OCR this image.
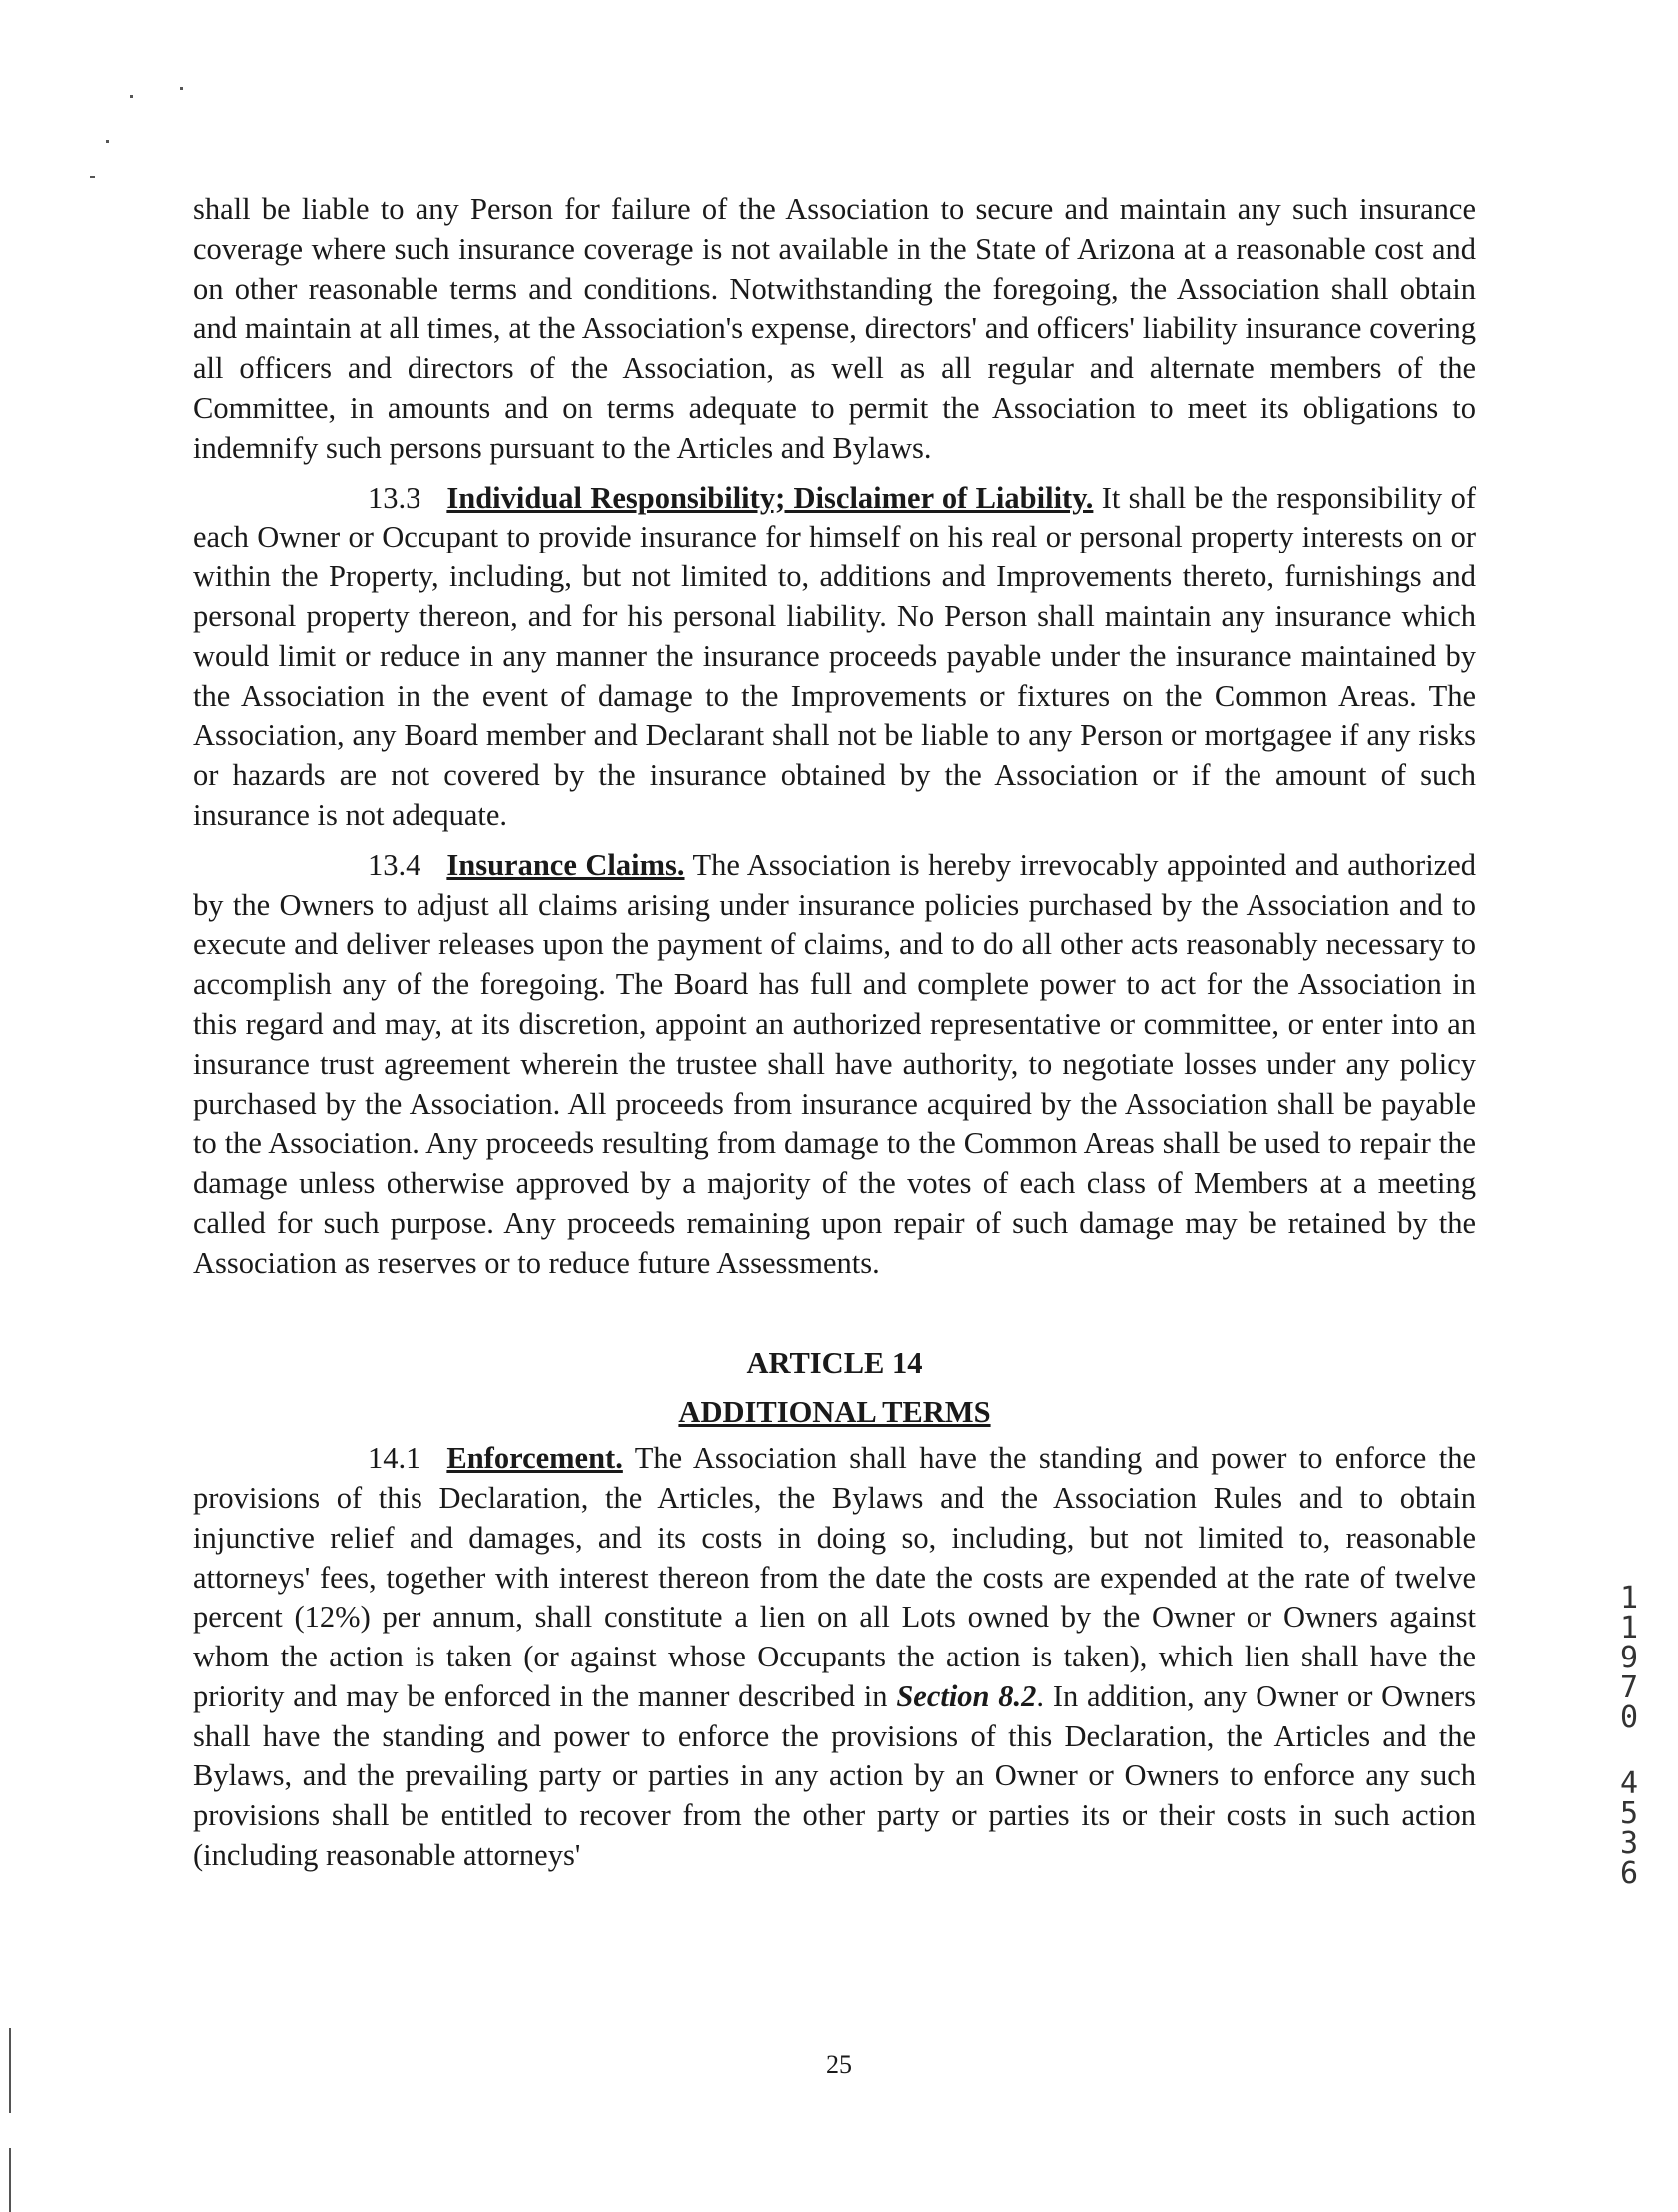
shall be liable to any Person for failure of the Association to secure and maintain any such insurance coverage where such insurance coverage is not available in the State of Arizona at a reasonable cost and on other reasonable terms and conditions. Notwithstanding the foregoing, the Association shall obtain and maintain at all times, at the Association's expense, directors' and officers' liability insurance covering all officers and directors of the Association, as well as all regular and alternate members of the Committee, in amounts and on terms adequate to permit the Association to meet its obligations to indemnify such persons pursuant to the Articles and Bylaws.

13.3 Individual Responsibility; Disclaimer of Liability. It shall be the responsibility of each Owner or Occupant to provide insurance for himself on his real or personal property interests on or within the Property, including, but not limited to, additions and Improvements thereto, furnishings and personal property thereon, and for his personal liability. No Person shall maintain any insurance which would limit or reduce in any manner the insurance proceeds payable under the insurance maintained by the Association in the event of damage to the Improvements or fixtures on the Common Areas. The Association, any Board member and Declarant shall not be liable to any Person or mortgagee if any risks or hazards are not covered by the insurance obtained by the Association or if the amount of such insurance is not adequate.

13.4 Insurance Claims. The Association is hereby irrevocably appointed and authorized by the Owners to adjust all claims arising under insurance policies purchased by the Association and to execute and deliver releases upon the payment of claims, and to do all other acts reasonably necessary to accomplish any of the foregoing. The Board has full and complete power to act for the Association in this regard and may, at its discretion, appoint an authorized representative or committee, or enter into an insurance trust agreement wherein the trustee shall have authority, to negotiate losses under any policy purchased by the Association. All proceeds from insurance acquired by the Association shall be payable to the Association. Any proceeds resulting from damage to the Common Areas shall be used to repair the damage unless otherwise approved by a majority of the votes of each class of Members at a meeting called for such purpose. Any proceeds remaining upon repair of such damage may be retained by the Association as reserves or to reduce future Assessments.

ARTICLE 14
ADDITIONAL TERMS

14.1 Enforcement. The Association shall have the standing and power to enforce the provisions of this Declaration, the Articles, the Bylaws and the Association Rules and to obtain injunctive relief and damages, and its costs in doing so, including, but not limited to, reasonable attorneys' fees, together with interest thereon from the date the costs are expended at the rate of twelve percent (12%) per annum, shall constitute a lien on all Lots owned by the Owner or Owners against whom the action is taken (or against whose Occupants the action is taken), which lien shall have the priority and may be enforced in the manner described in Section 8.2. In addition, any Owner or Owners shall have the standing and power to enforce the provisions of this Declaration, the Articles and the Bylaws, and the prevailing party or parties in any action by an Owner or Owners to enforce any such provisions shall be entitled to recover from the other party or parties its or their costs in such action (including reasonable attorneys'

25
1
1
9
7
0
4
5
3
6
